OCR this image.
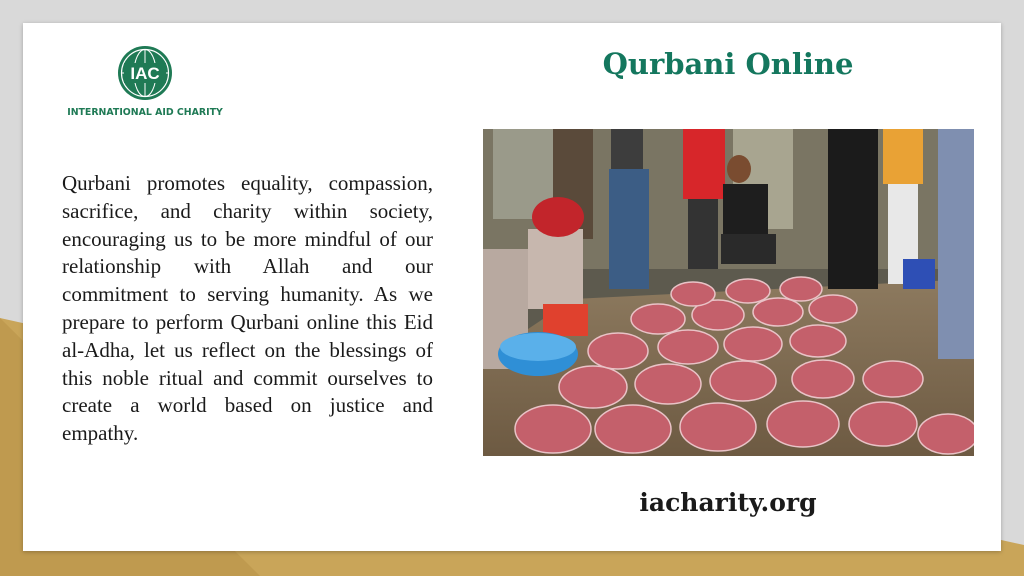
IAC
INTERNATIONAL AID CHARITY
Qurbani Online

Qurbani promotes equality, compassion, sacrifice, and charity within society, encouraging us to be more mindful of our relationship with Allah and our commitment to serving humanity. As we prepare to perform Qurbani online this Eid al-Adha, let us reflect on the blessings of this noble ritual and commit ourselves to create a world based on justice and empathy.

iacharity.org
